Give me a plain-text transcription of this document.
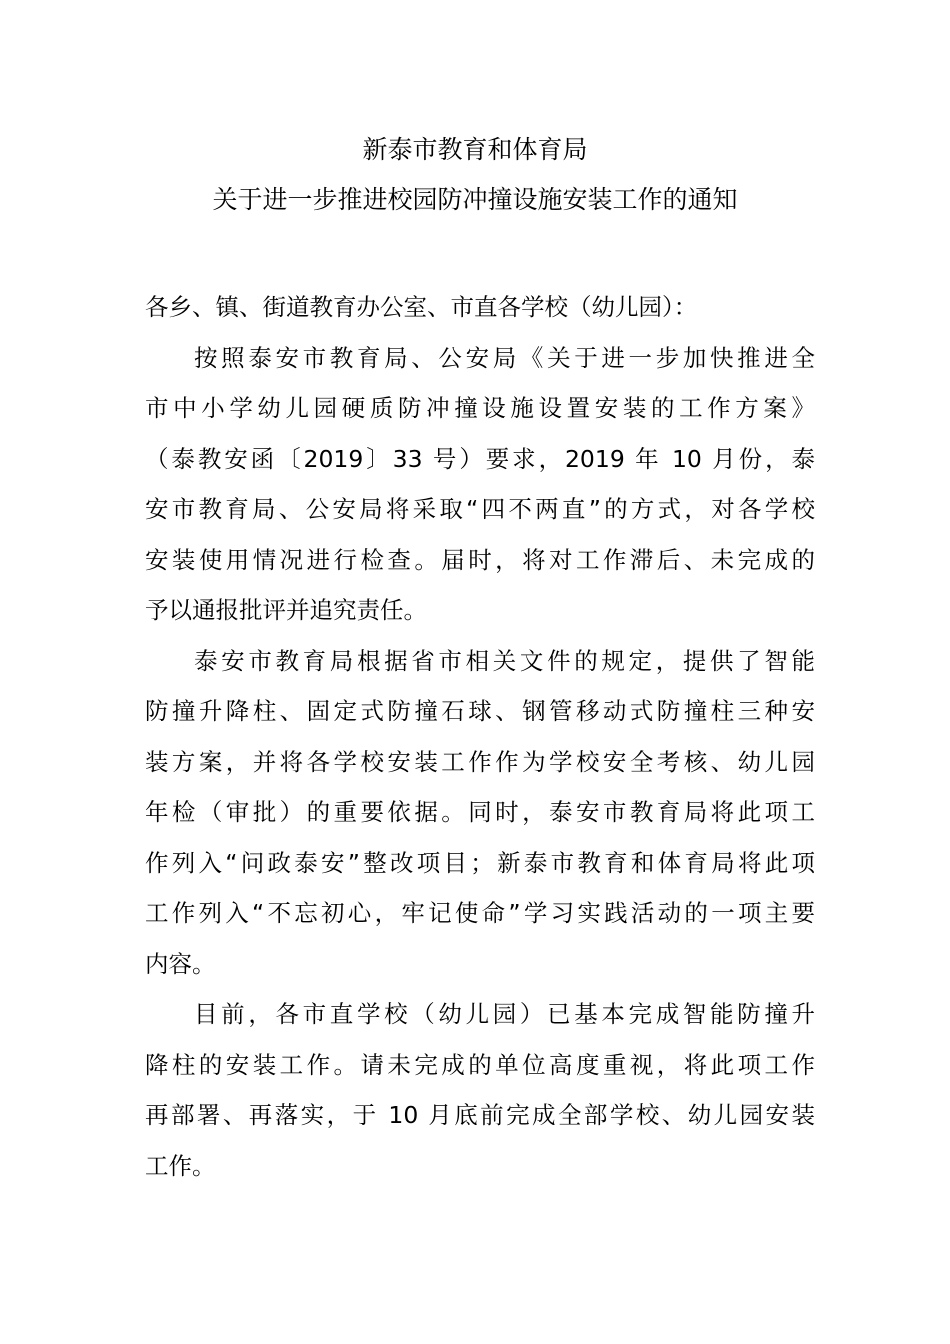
新泰市教育和体育局
关于进一步推进校园防冲撞设施安装工作的通知
各乡、镇、街道教育办公室、市直各学校（幼儿园）：
按照泰安市教育局、公安局《关于进一步加快推进全
市中小学幼儿园硬质防冲撞设施设置安装的工作方案》
（泰教安函〔2019〕33 号）要求，2019 年 10 月份，泰
安市教育局、公安局将采取“四不两直”的方式，对各学校
安装使用情况进行检查。届时，将对工作滞后、未完成的
予以通报批评并追究责任。
泰安市教育局根据省市相关文件的规定，提供了智能
防撞升降柱、固定式防撞石球、钢管移动式防撞柱三种安
装方案，并将各学校安装工作作为学校安全考核、幼儿园
年检（审批）的重要依据。同时，泰安市教育局将此项工
作列入“问政泰安”整改项目；新泰市教育和体育局将此项
工作列入“不忘初心，牢记使命”学习实践活动的一项主要
内容。
目前，各市直学校（幼儿园）已基本完成智能防撞升
降柱的安装工作。请未完成的单位高度重视，将此项工作
再部署、再落实，于 10 月底前完成全部学校、幼儿园安装
工作。
